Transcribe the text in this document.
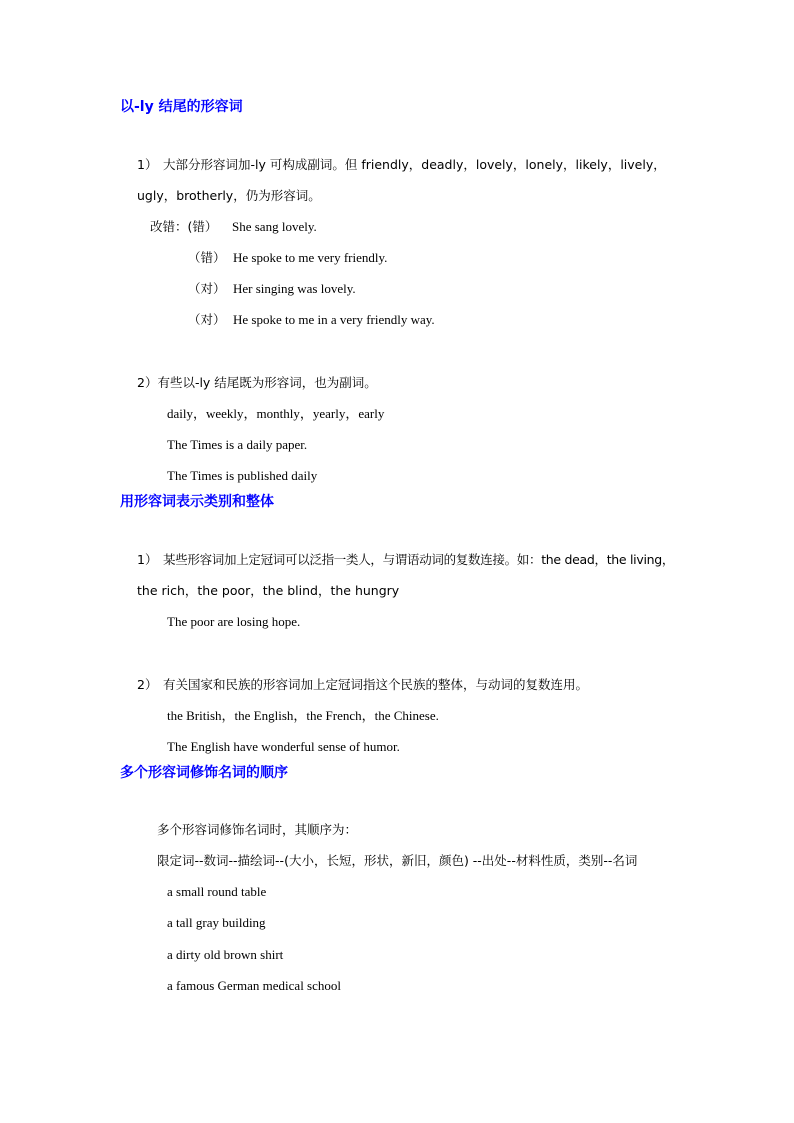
以-ly 结尾的形容词
1） 大部分形容词加-ly 可构成副词。但 friendly，deadly，lovely，lonely，likely，lively，
ugly，brotherly，仍为形容词。
改错：(错） She sang lovely.
（错） He spoke to me very friendly.
（对） Her singing was lovely.
（对） He spoke to me in a very friendly way.
2）有些以-ly 结尾既为形容词，也为副词。
daily，weekly，monthly，yearly，early
The Times is a daily paper.
The Times is published daily
用形容词表示类别和整体
1） 某些形容词加上定冠词可以泛指一类人，与谓语动词的复数连接。如：the dead，the living，
the rich，the poor，the blind，the hungry
The poor are losing hope.
2） 有关国家和民族的形容词加上定冠词指这个民族的整体，与动词的复数连用。
the British，the English，the French，the Chinese.
The English have wonderful sense of humor.
多个形容词修饰名词的顺序
多个形容词修饰名词时，其顺序为：
限定词--数词--描绘词--(大小，长短，形状，新旧，颜色) --出处--材料性质，类别--名词
a small round table
a tall gray building
a dirty old brown shirt
a famous German medical school
